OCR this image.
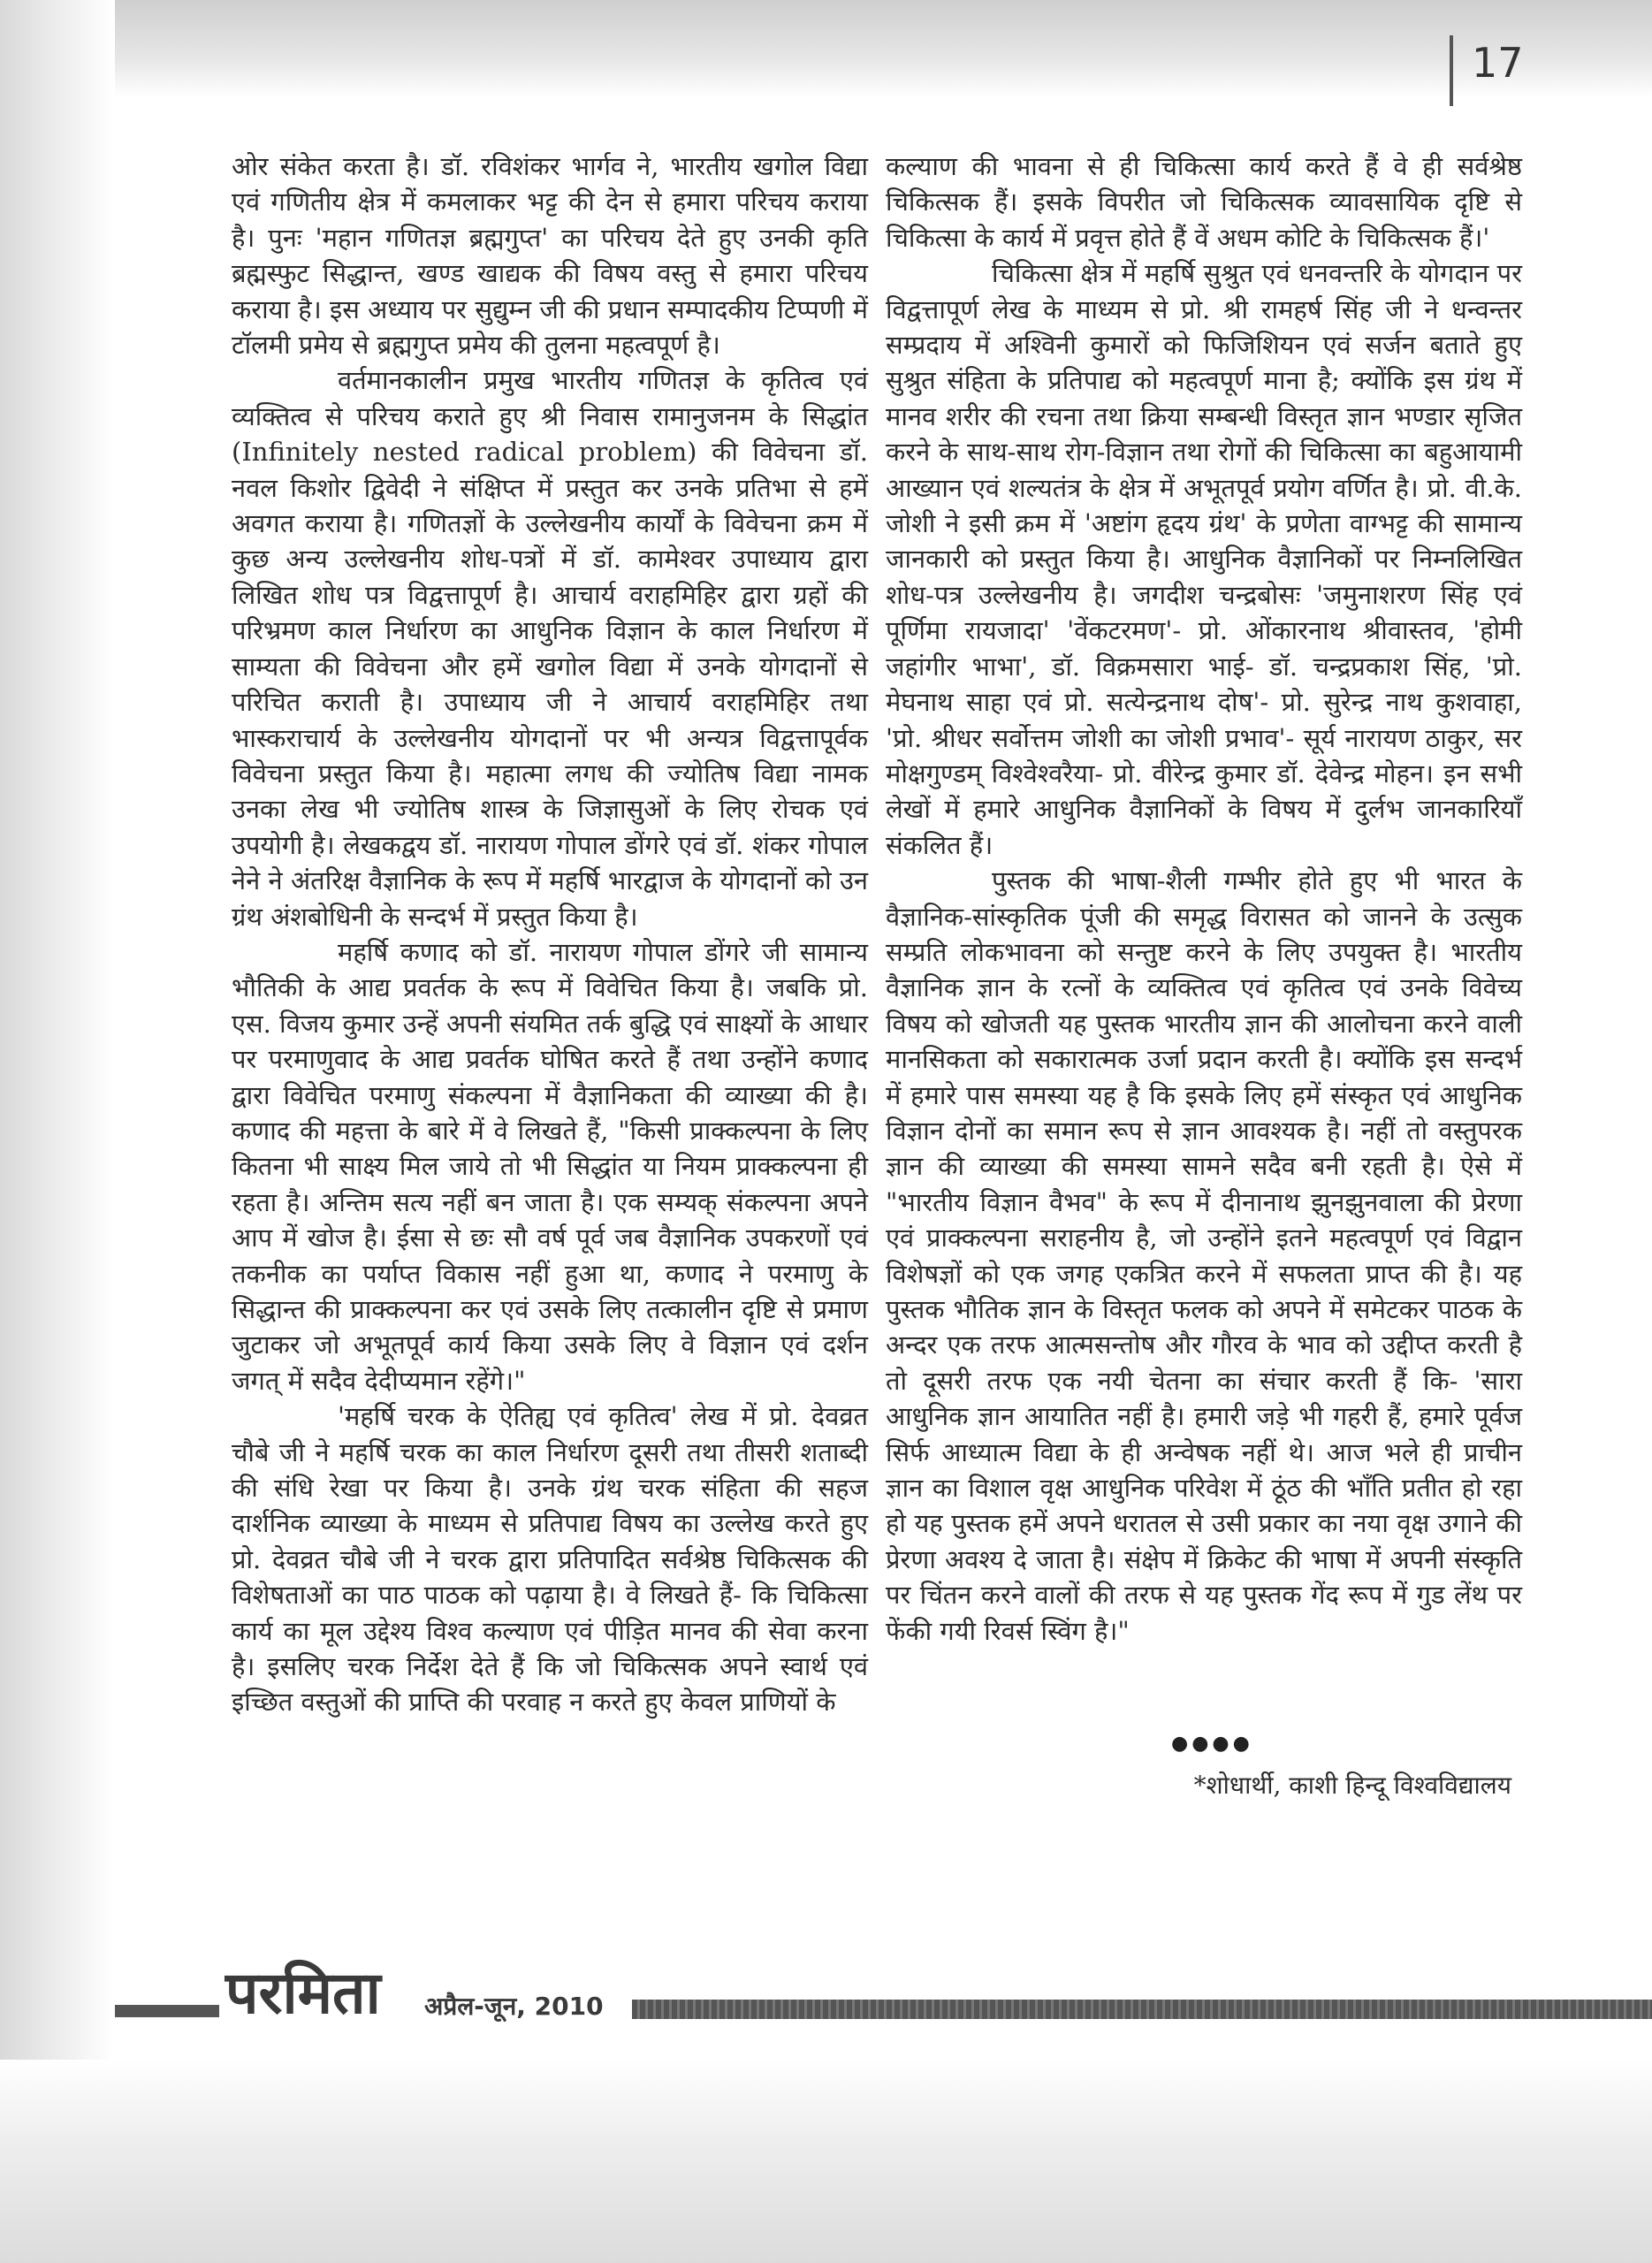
17

ओर संकेत करता है। डॉ. रविशंकर भार्गव ने, भारतीय खगोल विद्या एवं गणितीय क्षेत्र में कमलाकर भट्ट की देन से हमारा परिचय कराया है। पुनः 'महान गणितज्ञ ब्रह्मगुप्त' का परिचय देते हुए उनकी कृति ब्रह्मस्फुट सिद्धान्त, खण्ड खाद्यक की विषय वस्तु से हमारा परिचय कराया है। इस अध्याय पर सुद्युम्न जी की प्रधान सम्पादकीय टिप्पणी में टॉलमी प्रमेय से ब्रह्मगुप्त प्रमेय की तुलना महत्वपूर्ण है।

वर्तमानकालीन प्रमुख भारतीय गणितज्ञ के कृतित्व एवं व्यक्तित्व से परिचय कराते हुए श्री निवास रामानुजनम के सिद्धांत (Infinitely nested radical problem) की विवेचना डॉ. नवल किशोर द्विवेदी ने संक्षिप्त में प्रस्तुत कर उनके प्रतिभा से हमें अवगत कराया है। गणितज्ञों के उल्लेखनीय कार्यों के विवेचना क्रम में कुछ अन्य उल्लेखनीय शोध-पत्रों में डॉ. कामेश्वर उपाध्याय द्वारा लिखित शोध पत्र विद्वत्तापूर्ण है। आचार्य वराहमिहिर द्वारा ग्रहों की परिभ्रमण काल निर्धारण का आधुनिक विज्ञान के काल निर्धारण में साम्यता की विवेचना और हमें खगोल विद्या में उनके योगदानों से परिचित कराती है। उपाध्याय जी ने आचार्य वराहमिहिर तथा भास्कराचार्य के उल्लेखनीय योगदानों पर भी अन्यत्र विद्वत्तापूर्वक विवेचना प्रस्तुत किया है। महात्मा लगध की ज्योतिष विद्या नामक उनका लेख भी ज्योतिष शास्त्र के जिज्ञासुओं के लिए रोचक एवं उपयोगी है। लेखकद्वय डॉ. नारायण गोपाल डोंगरे एवं डॉ. शंकर गोपाल नेने ने अंतरिक्ष वैज्ञानिक के रूप में महर्षि भारद्वाज के योगदानों को उन ग्रंथ अंशबोधिनी के सन्दर्भ में प्रस्तुत किया है।

महर्षि कणाद को डॉ. नारायण गोपाल डोंगरे जी सामान्य भौतिकी के आद्य प्रवर्तक के रूप में विवेचित किया है। जबकि प्रो. एस. विजय कुमार उन्हें अपनी संयमित तर्क बुद्धि एवं साक्ष्यों के आधार पर परमाणुवाद के आद्य प्रवर्तक घोषित करते हैं तथा उन्होंने कणाद द्वारा विवेचित परमाणु संकल्पना में वैज्ञानिकता की व्याख्या की है। कणाद की महत्ता के बारे में वे लिखते हैं, "किसी प्राक्कल्पना के लिए कितना भी साक्ष्य मिल जाये तो भी सिद्धांत या नियम प्राक्कल्पना ही रहता है। अन्तिम सत्य नहीं बन जाता है। एक सम्यक् संकल्पना अपने आप में खोज है। ईसा से छः सौ वर्ष पूर्व जब वैज्ञानिक उपकरणों एवं तकनीक का पर्याप्त विकास नहीं हुआ था, कणाद ने परमाणु के सिद्धान्त की प्राक्कल्पना कर एवं उसके लिए तत्कालीन दृष्टि से प्रमाण जुटाकर जो अभूतपूर्व कार्य किया उसके लिए वे विज्ञान एवं दर्शन जगत् में सदैव देदीप्यमान रहेंगे।"

'महर्षि चरक के ऐतिह्य एवं कृतित्व' लेख में प्रो. देवव्रत चौबे जी ने महर्षि चरक का काल निर्धारण दूसरी तथा तीसरी शताब्दी की संधि रेखा पर किया है। उनके ग्रंथ चरक संहिता की सहज दार्शनिक व्याख्या के माध्यम से प्रतिपाद्य विषय का उल्लेख करते हुए प्रो. देवव्रत चौबे जी ने चरक द्वारा प्रतिपादित सर्वश्रेष्ठ चिकित्सक की विशेषताओं का पाठ पाठक को पढ़ाया है। वे लिखते हैं- कि चिकित्सा कार्य का मूल उद्देश्य विश्व कल्याण एवं पीड़ित मानव की सेवा करना है। इसलिए चरक निर्देश देते हैं कि जो चिकित्सक अपने स्वार्थ एवं इच्छित वस्तुओं की प्राप्ति की परवाह न करते हुए केवल प्राणियों के

कल्याण की भावना से ही चिकित्सा कार्य करते हैं वे ही सर्वश्रेष्ठ चिकित्सक हैं। इसके विपरीत जो चिकित्सक व्यावसायिक दृष्टि से चिकित्सा के कार्य में प्रवृत्त होते हैं वें अधम कोटि के चिकित्सक हैं।'

चिकित्सा क्षेत्र में महर्षि सुश्रुत एवं धनवन्तरि के योगदान पर विद्वत्तापूर्ण लेख के माध्यम से प्रो. श्री रामहर्ष सिंह जी ने धन्वन्तर सम्प्रदाय में अश्विनी कुमारों को फिजिशियन एवं सर्जन बताते हुए सुश्रुत संहिता के प्रतिपाद्य को महत्वपूर्ण माना है; क्योंकि इस ग्रंथ में मानव शरीर की रचना तथा क्रिया सम्बन्धी विस्तृत ज्ञान भण्डार सृजित करने के साथ-साथ रोग-विज्ञान तथा रोगों की चिकित्सा का बहुआयामी आख्यान एवं शल्यतंत्र के क्षेत्र में अभूतपूर्व प्रयोग वर्णित है। प्रो. वी.के. जोशी ने इसी क्रम में 'अष्टांग हृदय ग्रंथ' के प्रणेता वाग्भट्ट की सामान्य जानकारी को प्रस्तुत किया है। आधुनिक वैज्ञानिकों पर निम्नलिखित शोध-पत्र उल्लेखनीय है। जगदीश चन्द्रबोसः 'जमुनाशरण सिंह एवं पूर्णिमा रायजादा' 'वेंकटरमण'- प्रो. ओंकारनाथ श्रीवास्तव, 'होमी जहांगीर भाभा', डॉ. विक्रमसारा भाई- डॉ. चन्द्रप्रकाश सिंह, 'प्रो. मेघनाथ साहा एवं प्रो. सत्येन्द्रनाथ दोष'- प्रो. सुरेन्द्र नाथ कुशवाहा, 'प्रो. श्रीधर सर्वोत्तम जोशी का जोशी प्रभाव'- सूर्य नारायण ठाकुर, सर मोक्षगुण्डम् विश्वेश्वरैया- प्रो. वीरेन्द्र कुमार डॉ. देवेन्द्र मोहन। इन सभी लेखों में हमारे आधुनिक वैज्ञानिकों के विषय में दुर्लभ जानकारियाँ संकलित हैं।

पुस्तक की भाषा-शैली गम्भीर होते हुए भी भारत के वैज्ञानिक-सांस्कृतिक पूंजी की समृद्ध विरासत को जानने के उत्सुक सम्प्रति लोकभावना को सन्तुष्ट करने के लिए उपयुक्त है। भारतीय वैज्ञानिक ज्ञान के रत्नों के व्यक्तित्व एवं कृतित्व एवं उनके विवेच्य विषय को खोजती यह पुस्तक भारतीय ज्ञान की आलोचना करने वाली मानसिकता को सकारात्मक उर्जा प्रदान करती है। क्योंकि इस सन्दर्भ में हमारे पास समस्या यह है कि इसके लिए हमें संस्कृत एवं आधुनिक विज्ञान दोनों का समान रूप से ज्ञान आवश्यक है। नहीं तो वस्तुपरक ज्ञान की व्याख्या की समस्या सामने सदैव बनी रहती है। ऐसे में "भारतीय विज्ञान वैभव" के रूप में दीनानाथ झुनझुनवाला की प्रेरणा एवं प्राक्कल्पना सराहनीय है, जो उन्होंने इतने महत्वपूर्ण एवं विद्वान विशेषज्ञों को एक जगह एकत्रित करने में सफलता प्राप्त की है। यह पुस्तक भौतिक ज्ञान के विस्तृत फलक को अपने में समेटकर पाठक के अन्दर एक तरफ आत्मसन्तोष और गौरव के भाव को उद्दीप्त करती है तो दूसरी तरफ एक नयी चेतना का संचार करती हैं कि- 'सारा आधुनिक ज्ञान आयातित नहीं है। हमारी जड़े भी गहरी हैं, हमारे पूर्वज सिर्फ आध्यात्म विद्या के ही अन्वेषक नहीं थे। आज भले ही प्राचीन ज्ञान का विशाल वृक्ष आधुनिक परिवेश में ठूंठ की भाँति प्रतीत हो रहा हो यह पुस्तक हमें अपने धरातल से उसी प्रकार का नया वृक्ष उगाने की प्रेरणा अवश्य दे जाता है। संक्षेप में क्रिकेट की भाषा में अपनी संस्कृति पर चिंतन करने वालों की तरफ से यह पुस्तक गेंद रूप में गुड लेंथ पर फेंकी गयी रिवर्स स्विंग है।"

●●●●
*शोधार्थी, काशी हिन्दू विश्वविद्यालय
परमिता अप्रैल-जून, 2010
